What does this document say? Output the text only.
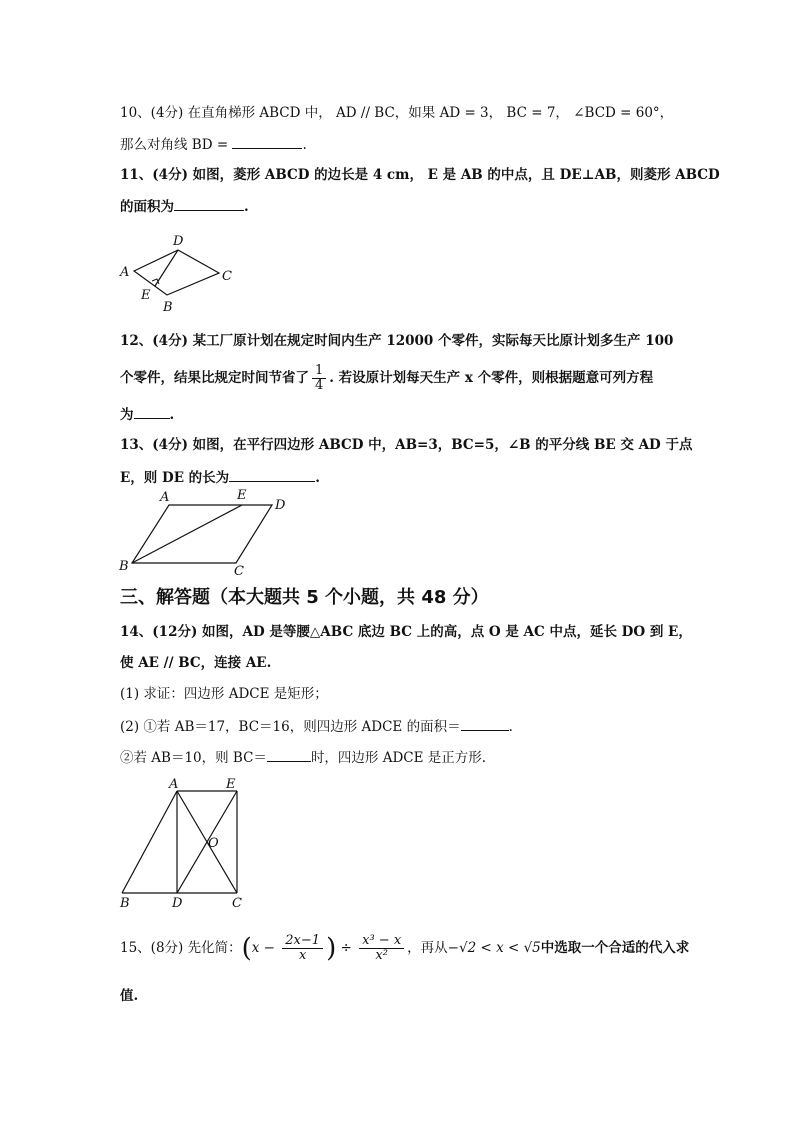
10、(4分) 在直角梯形 ABCD 中， AD // BC，如果 AD = 3， BC = 7， ∠BCD = 60°，
那么对角线 BD =	.
11、(4分) 如图，菱形 ABCD 的边长是 4 cm， E 是 AB 的中点，且 DE⊥AB，则菱形 ABCD
的面积为	.
D
A	C
E
B
12、(4分) 某工厂原计划在规定时间内生产 12000 个零件，实际每天比原计划多生产 100
个零件，结果比规定时间节省了 $\frac{1}{4}$ . 若设原计划每天生产 x 个零件，则根据题意可列方程
为	.
13、(4分) 如图，在平行四边形 ABCD 中，AB=3，BC=5，∠B 的平分线 BE 交 AD 于点
E，则 DE 的长为	.
A	E
D
B	C
三、解答题（本大题共 5 个小题，共 48 分）
14、(12分) 如图，AD 是等腰△ABC 底边 BC 上的高，点 O 是 AC 中点，延长 DO 到 E，
使 AE // BC，连接 AE.
(1) 求证：四边形 ADCE 是矩形；
(2) ①若 AB＝17，BC＝16，则四边形 ADCE 的面积＝	.
②若 AB＝10，则 BC＝	时，四边形 ADCE 是正方形.
A	E
O
B	D	C
15、(8分) 先化简：($x - \frac{2x-1}{x}$ ) ÷ $\frac{\text{x³ − x}}{\text{x²}}$ ，再从−√2 < x < √5中选取一个合适的代入求
值.
